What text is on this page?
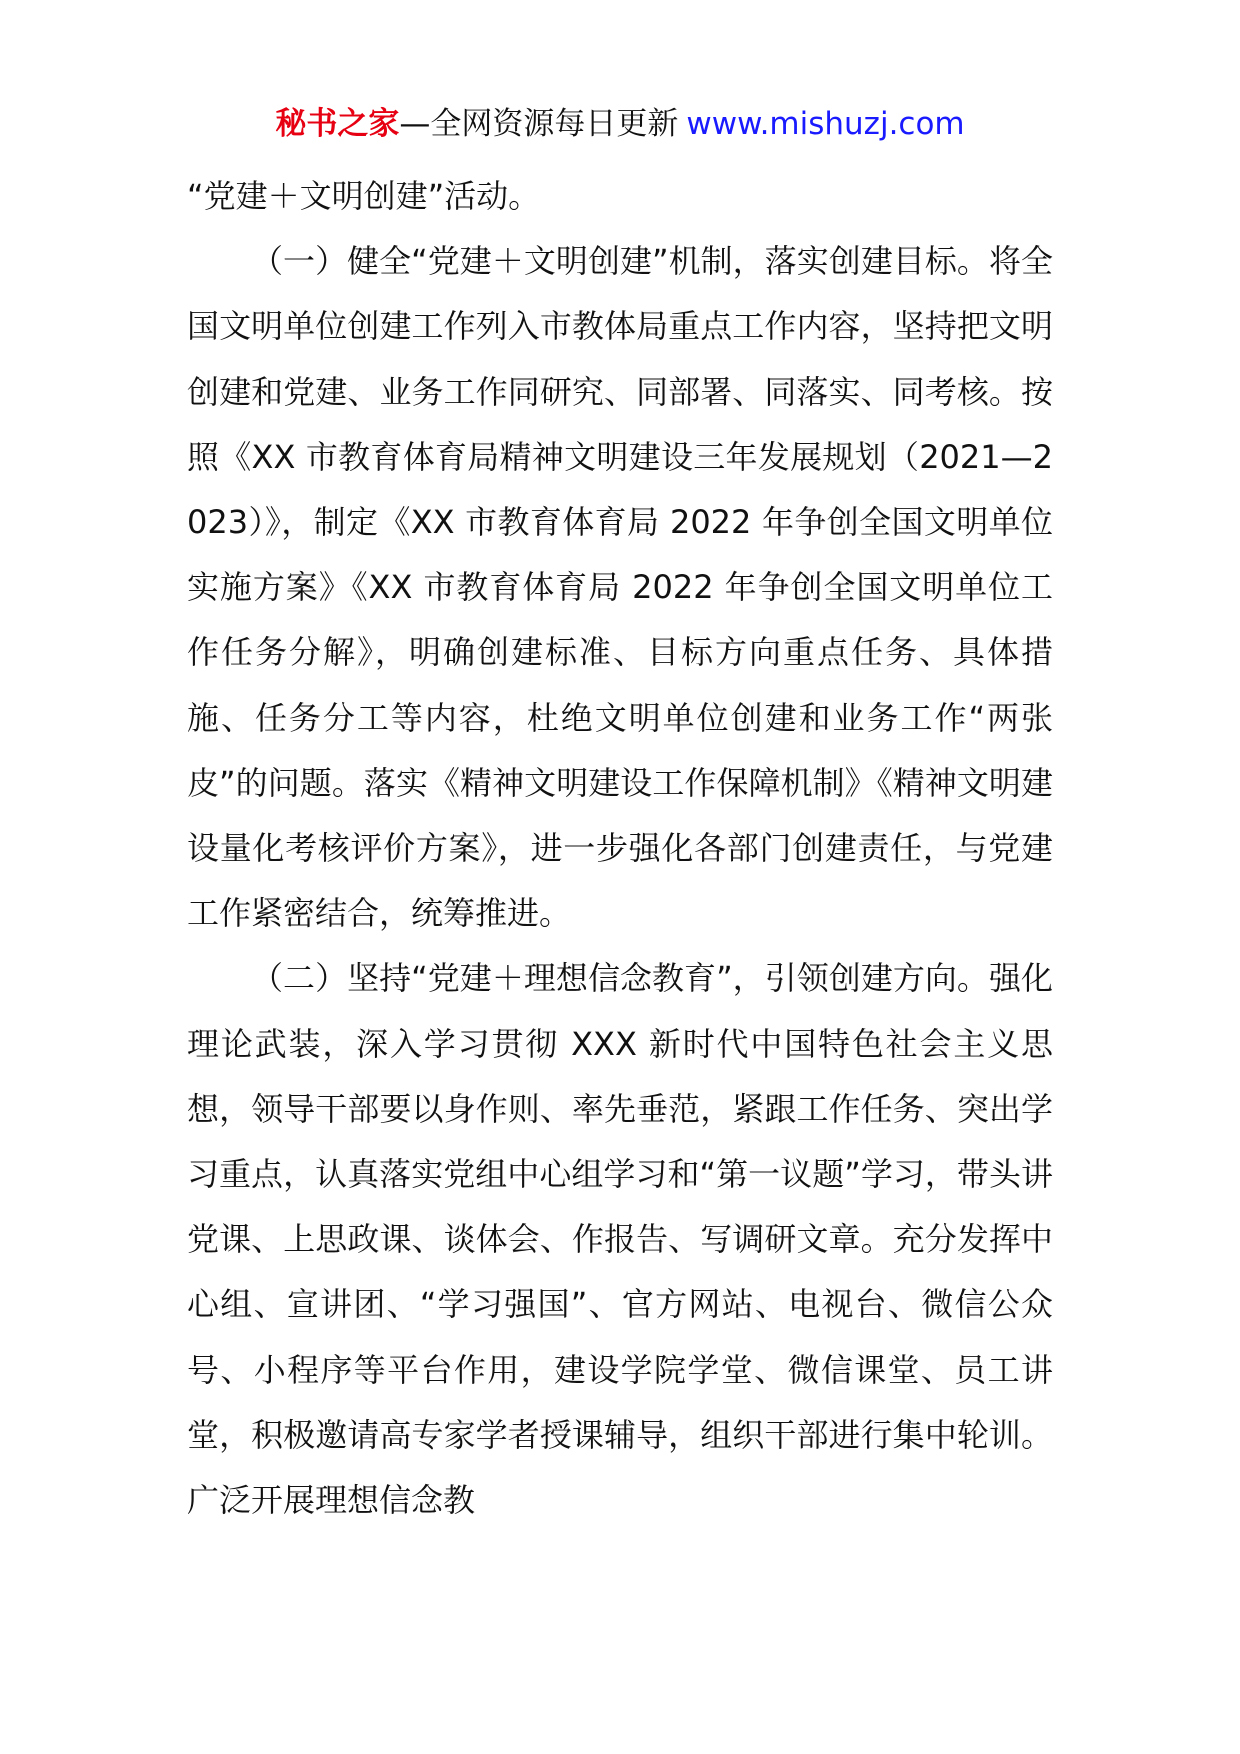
秘书之家—全网资源每日更新 www.mishuzj.com

“党建＋文明创建”活动。

（一）健全“党建＋文明创建”机制，落实创建目标。将全国文明单位创建工作列入市教体局重点工作内容，坚持把文明创建和党建、业务工作同研究、同部署、同落实、同考核。按照《XX 市教育体育局精神文明建设三年发展规划（2021—2023）》，制定《XX 市教育体育局 2022 年争创全国文明单位实施方案》《XX 市教育体育局 2022 年争创全国文明单位工作任务分解》，明确创建标准、目标方向重点任务、具体措施、任务分工等内容，杜绝文明单位创建和业务工作“两张皮”的问题。落实《精神文明建设工作保障机制》《精神文明建设量化考核评价方案》，进一步强化各部门创建责任，与党建工作紧密结合，统筹推进。

（二）坚持“党建＋理想信念教育”，引领创建方向。强化理论武装，深入学习贯彻 XXX 新时代中国特色社会主义思想，领导干部要以身作则、率先垂范，紧跟工作任务、突出学习重点，认真落实党组中心组学习和“第一议题”学习，带头讲党课、上思政课、谈体会、作报告、写调研文章。充分发挥中心组、宣讲团、“学习强国”、官方网站、电视台、微信公众号、小程序等平台作用，建设学院学堂、微信课堂、员工讲堂，积极邀请高专家学者授课辅导，组织干部进行集中轮训。广泛开展理想信念教
